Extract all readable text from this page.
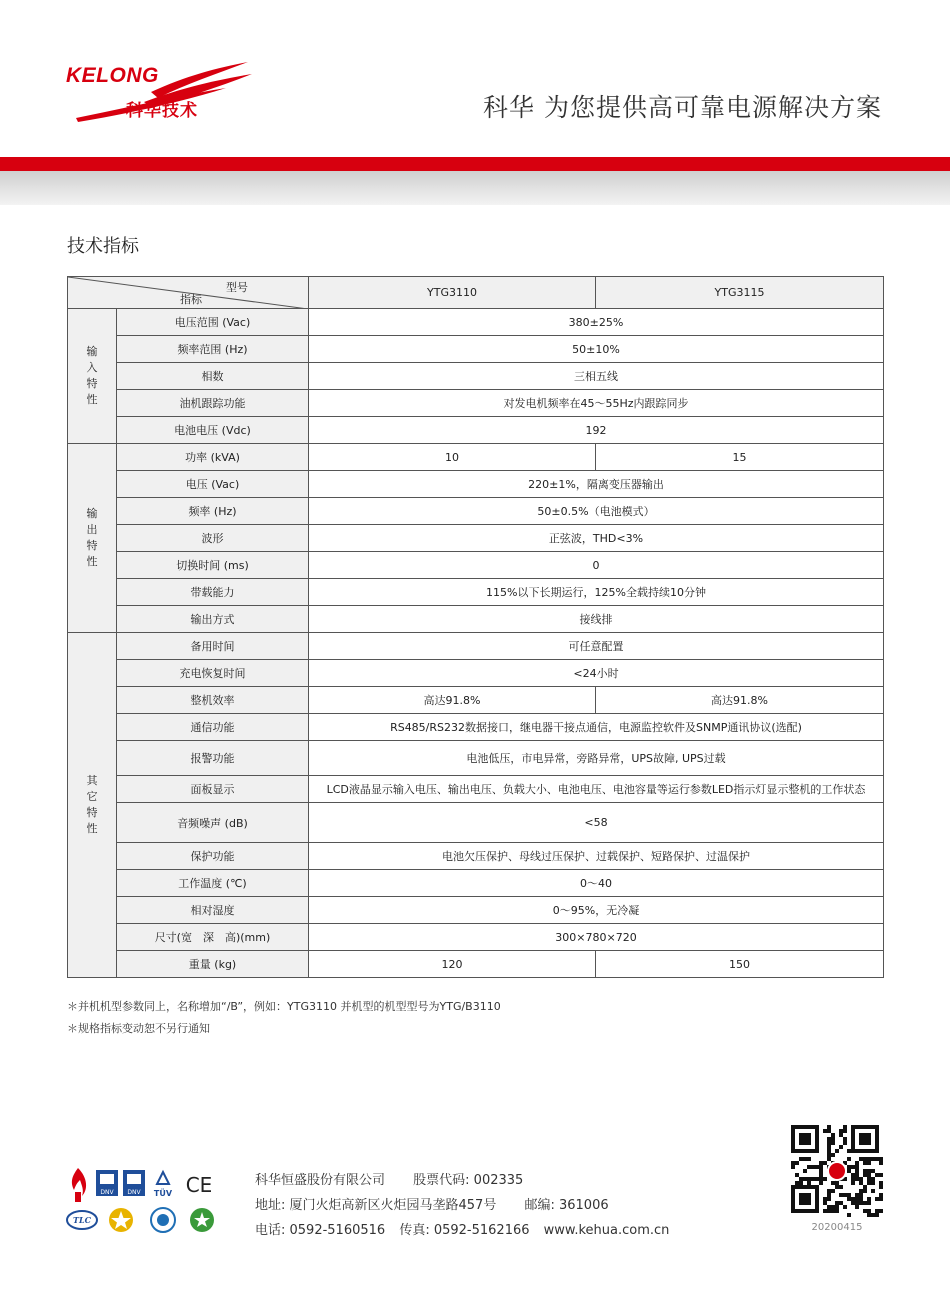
KELONG
科华技术	科华 为您提供高可靠电源解决方案
技术指标
型号
指标		YTG3110	YTG3115

输
入
特
性	电压范围 (Vac)	380±25%	
	频率范围 (Hz)	50±10%	
	相数	三相五线	
	油机跟踪功能	对发电机频率在45～55Hz内跟踪同步	
	电池电压 (Vdc)	192	

输
出
特
性	功率 (kVA)	10	15
	电压 (Vac)	220±1%，隔离变压器输出	
	频率 (Hz)	50±0.5%（电池模式）	
	波形	正弦波，THD<3%	
	切换时间 (ms)	0	
	带载能力	115%以下长期运行，125%全载持续10分钟	
	输出方式	接线排	

其
它
特
性	备用时间	可任意配置	
	充电恢复时间	<24小时	
	整机效率	高达91.8%	高达91.8%
	通信功能	RS485/RS232数据接口，继电器干接点通信，电源监控软件及SNMP通讯协议(选配)	
	报警功能	电池低压，市电异常，旁路异常，UPS故障, UPS过载	
	面板显示	LCD液晶显示输入电压、输出电压、负载大小、电池电压、电池容量等运行参数LED指示灯显示整机的工作状态	
	音频噪声 (dB)	<58	
	保护功能	电池欠压保护、母线过压保护、过载保护、短路保护、过温保护	
	工作温度 (℃)	0～40	
	相对湿度	0～95%，无冷凝	
	尺寸(宽　深　高)(mm)	300×780×720	
	重量 (kg)	120	150
＊并机机型参数同上，名称增加“/B”，例如：YTG3110 并机型的机型型号为YTG/B3110
＊规格指标变动恕不另行通知
DNV DNV TÜV CE
TLC
科华恒盛股份有限公司 股票代码: 002335
地址: 厦门火炬高新区火炬园马垄路457号 邮编: 361006
电话: 0592-5160516 传真: 0592-5162166 www.kehua.com.cn	20200415
